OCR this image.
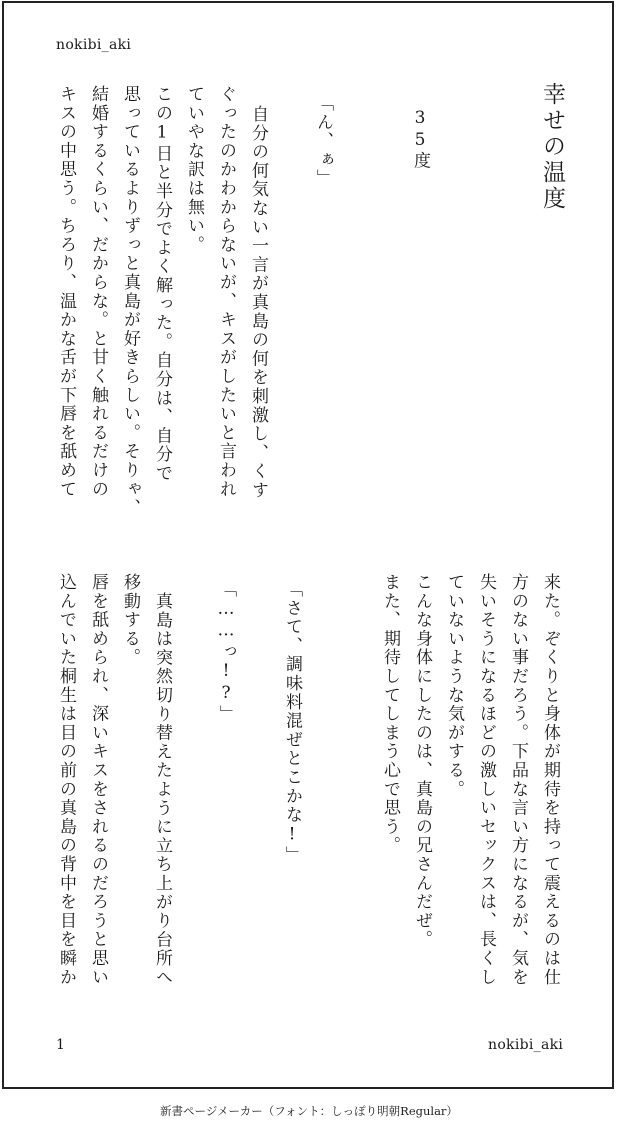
nokibi_aki
幸せの温度
35度
「ん、ぁ」
自分の何気ない一言が真島の何を刺激し、くす
ぐったのかわからないが、キスがしたいと言われ
ていやな訳は無い。
この1日と半分でよく解った。自分は、自分で
思っているよりずっと真島が好きらしい。そりゃ、
結婚するくらい、だからな。と甘く触れるだけの
キスの中思う。ちろり、温かな舌が下唇を舐めて
来た。ぞくりと身体が期待を持って震えるのは仕
方のない事だろう。下品な言い方になるが、気を
失いそうになるほどの激しいセックスは、長くし
ていないような気がする。
こんな身体にしたのは、真島の兄さんだぜ。
また、期待してしまう心で思う。
「さて、調味料混ぜとこかな!」
「……っ!?」
真島は突然切り替えたように立ち上がり台所へ
移動する。
唇を舐められ、深いキスをされるのだろうと思い
込んでいた桐生は目の前の真島の背中を目を瞬か
1	nokibi_aki
新書ページメーカー（フォント：しっぽり明朝Regular）
